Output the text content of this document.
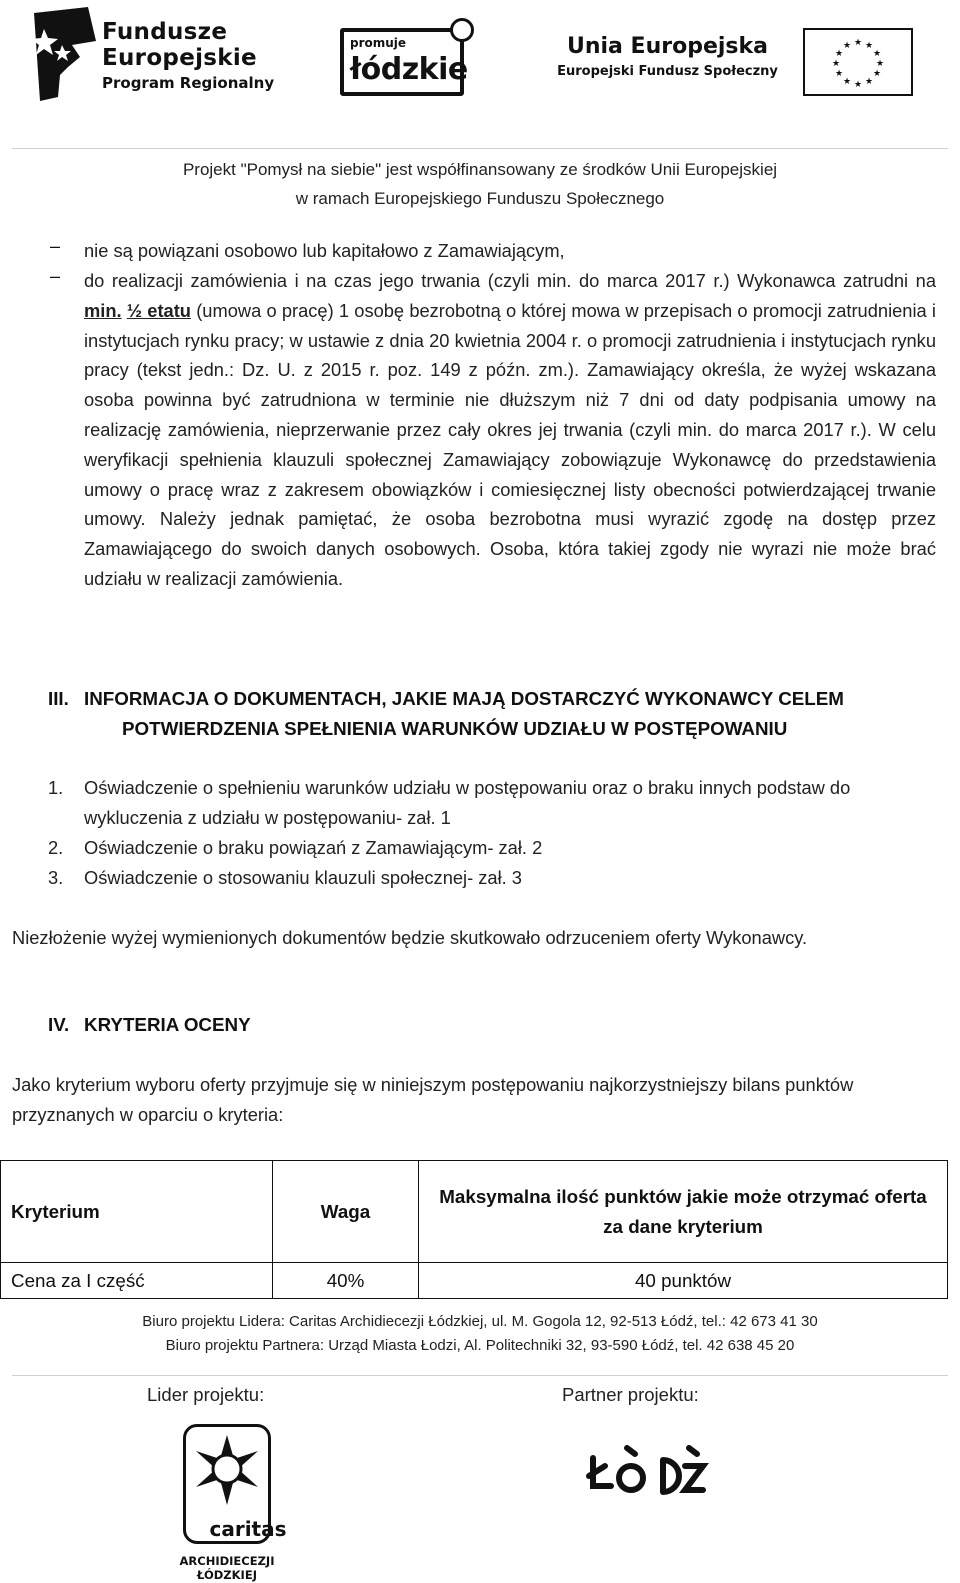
Fundusze
Europejskie
Program Regionalny
promuje
łódzkie
Unia Europejska
Europejski Fundusz Społeczny
★ ★
★
★
★
★
★
★
★
★
★
★
Projekt "Pomysł na siebie" jest współfinansowany ze środków Unii Europejskiej
w ramach Europejskiego Funduszu Społecznego
– nie są powiązani osobowo lub kapitałowo z Zamawiającym,
– do realizacji zamówienia i na czas jego trwania (czyli min. do marca 2017 r.) Wykonawca zatrudni na min. ½ etatu (umowa o pracę) 1 osobę bezrobotną o której mowa w przepisach o promocji zatrudnienia i instytucjach rynku pracy; w ustawie z dnia 20 kwietnia 2004 r. o promocji zatrudnienia i instytucjach rynku pracy (tekst jedn.: Dz. U. z 2015 r. poz. 149 z późn. zm.). Zamawiający określa, że wyżej wskazana osoba powinna być zatrudniona w terminie nie dłuższym niż 7 dni od daty podpisania umowy na realizację zamówienia, nieprzerwanie przez cały okres jej trwania (czyli min. do marca 2017 r.). W celu weryfikacji spełnienia klauzuli społecznej Zamawiający zobowiązuje Wykonawcę do przedstawienia umowy o pracę wraz z zakresem obowiązków i comiesięcznej listy obecności potwierdzającej trwanie umowy. Należy jednak pamiętać, że osoba bezrobotna musi wyrazić zgodę na dostęp przez Zamawiającego do swoich danych osobowych. Osoba, która takiej zgody nie wyrazi nie może brać udziału w realizacji zamówienia.
III. INFORMACJA O DOKUMENTACH, JAKIE MAJĄ DOSTARCZYĆ WYKONAWCY CELEM
POTWIERDZENIA SPEŁNIENIA WARUNKÓW UDZIAŁU W POSTĘPOWANIU
1. Oświadczenie o spełnieniu warunków udziału w postępowaniu oraz o braku innych podstaw do wykluczenia z udziału w postępowaniu- zał. 1
2. Oświadczenie o braku powiązań z Zamawiającym- zał. 2
3. Oświadczenie o stosowaniu klauzuli społecznej- zał. 3
Niezłożenie wyżej wymienionych dokumentów będzie skutkowało odrzuceniem oferty Wykonawcy.
IV. KRYTERIA OCENY
Jako kryterium wyboru oferty przyjmuje się w niniejszym postępowaniu najkorzystniejszy bilans punktów przyznanych w oparciu o kryteria:
Kryterium	Waga	Maksymalna ilość punktów jakie może otrzymać oferta za dane kryterium
Cena za I część	40%	40 punktów
Biuro projektu Lidera: Caritas Archidiecezji Łódzkiej, ul. M. Gogola 12, 92-513 Łódź, tel.: 42 673 41 30
Biuro projektu Partnera: Urząd Miasta Łodzi, Al. Politechniki 32, 93-590 Łódź, tel. 42 638 45 20
Lider projektu:	Partner projektu:
caritas
ARCHIDIECEZJI
ŁÓDZKIEJ
